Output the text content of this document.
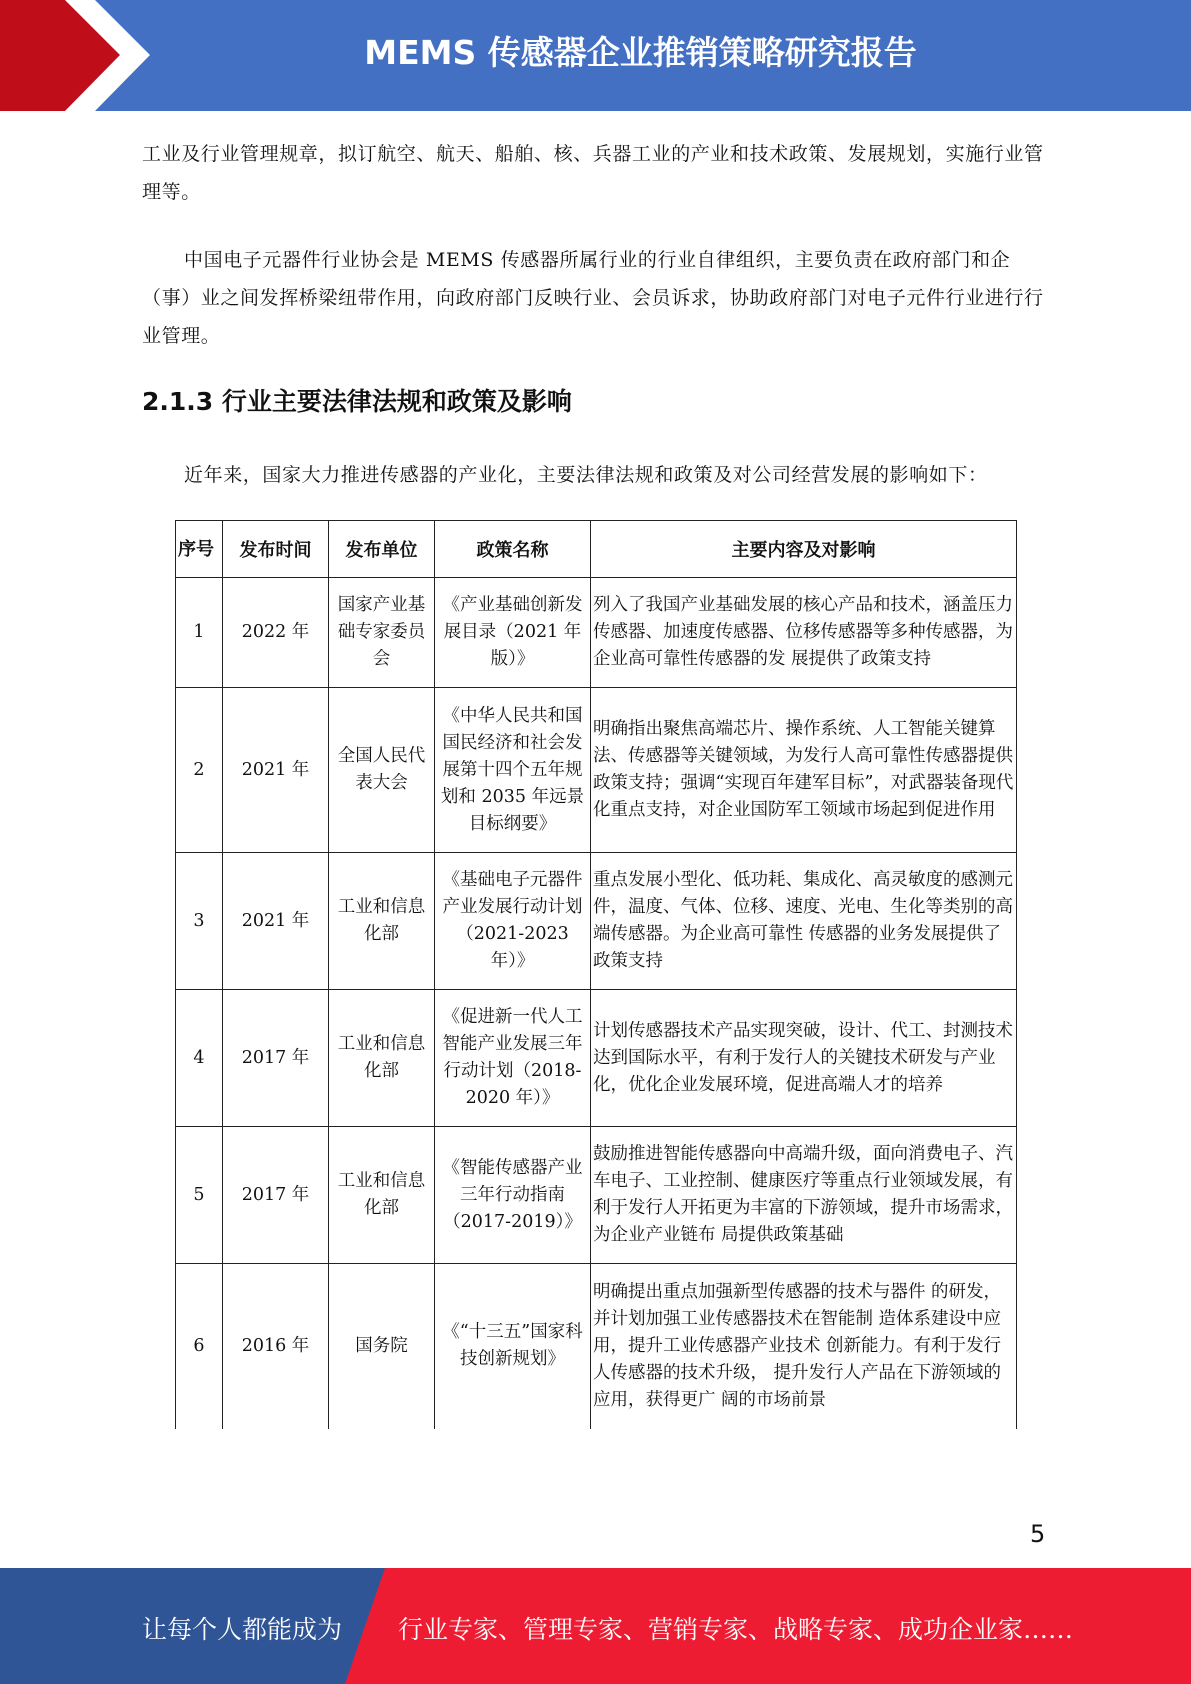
MEMS 传感器企业推销策略研究报告
工业及行业管理规章，拟订航空、航天、船舶、核、兵器工业的产业和技术政策、发展规划，实施行业管理等。
中国电子元器件行业协会是 MEMS 传感器所属行业的行业自律组织，主要负责在政府部门和企（事）业之间发挥桥梁纽带作用，向政府部门反映行业、会员诉求，协助政府部门对电子元件行业进行行业管理。
2.1.3 行业主要法律法规和政策及影响
近年来，国家大力推进传感器的产业化，主要法律法规和政策及对公司经营发展的影响如下：
序号	发布时间	发布单位	政策名称	主要内容及对影响
1	2022 年	国家产业基础专家委员会	《产业基础创新发展目录（2021 年版）》	列入了我国产业基础发展的核心产品和技术，涵盖压力传感器、加速度传感器、位移传感器等多种传感器，为企业高可靠性传感器的发 展提供了政策支持
2	2021 年	全国人民代表大会	《中华人民共和国国民经济和社会发展第十四个五年规划和 2035 年远景目标纲要》	明确指出聚焦高端芯片、操作系统、人工智能关键算法、传感器等关键领域，为发行人高可靠性传感器提供政策支持；强调“实现百年建军目标”，对武器装备现代化重点支持，对企业国防军工领域市场起到促进作用
3	2021 年	工业和信息化部	《基础电子元器件产业发展行动计划（2021-2023 年）》	重点发展小型化、低功耗、集成化、高灵敏度的感测元件，温度、气体、位移、速度、光电、生化等类别的高端传感器。为企业高可靠性 传感器的业务发展提供了政策支持
4	2017 年	工业和信息化部	《促进新一代人工智能产业发展三年行动计划（2018-2020 年）》	计划传感器技术产品实现突破，设计、代工、封测技术达到国际水平，有利于发行人的关键技术研发与产业化，优化企业发展环境，促进高端人才的培养
5	2017 年	工业和信息化部	《智能传感器产业三年行动指南（2017-2019）》	鼓励推进智能传感器向中高端升级，面向消费电子、汽车电子、工业控制、健康医疗等重点行业领域发展，有利于发行人开拓更为丰富的下游领域，提升市场需求，为企业产业链布 局提供政策基础
6	2016 年	国务院	《“十三五”国家科技创新规划》	明确提出重点加强新型传感器的技术与器件 的研发，并计划加强工业传感器技术在智能制 造体系建设中应用，提升工业传感器产业技术 创新能力。有利于发行人传感器的技术升级， 提升发行人产品在下游领域的应用，获得更广 阔的市场前景
5
让每个人都能成为 行业专家、管理专家、营销专家、战略专家、成功企业家……
